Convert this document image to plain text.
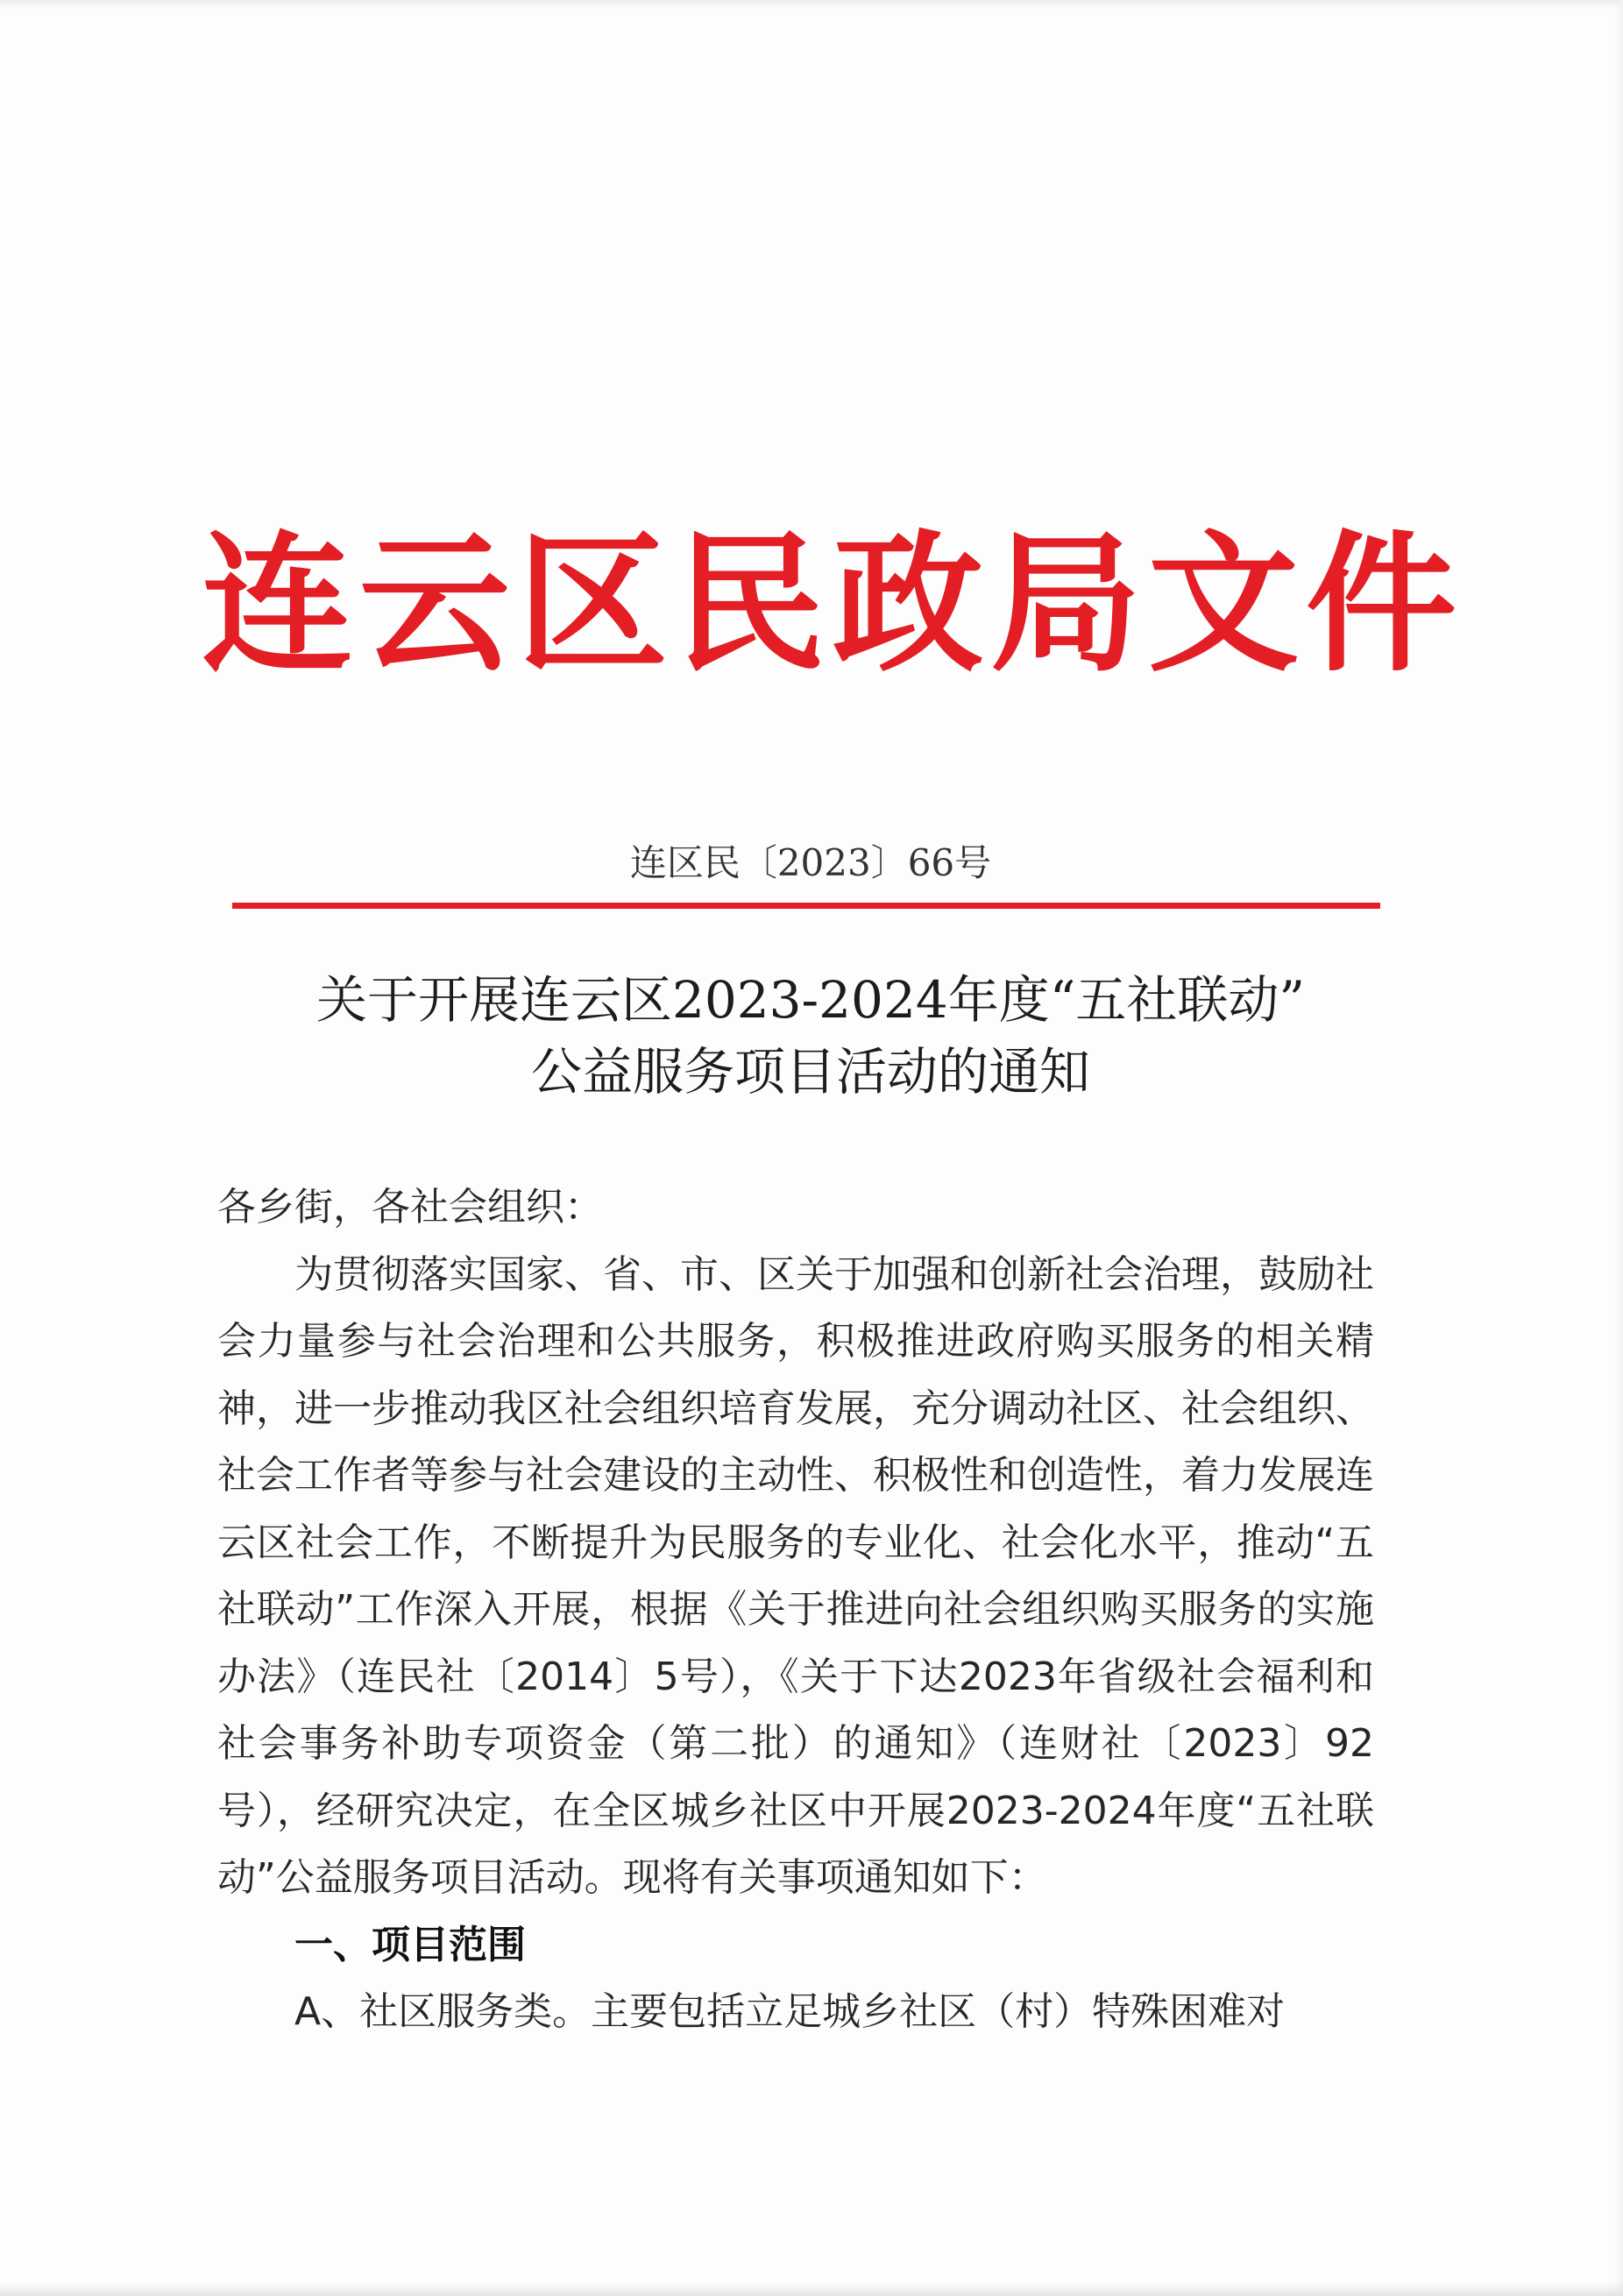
连云区民政局文件
连区民〔2023〕66号
关于开展连云区2023-2024年度“五社联动”
公益服务项目活动的通知
各乡街，各社会组织：
为贯彻落实国家、省、市、区关于加强和创新社会治理，鼓励社会力量参与社会治理和公共服务，积极推进政府购买服务的相关精神，进一步推动我区社会组织培育发展，充分调动社区、社会组织、社会工作者等参与社会建设的主动性、积极性和创造性，着力发展连云区社会工作，不断提升为民服务的专业化、社会化水平，推动“五社联动”工作深入开展，根据《关于推进向社会组织购买服务的实施办法》（连民社〔2014〕5号），《关于下达2023年省级社会福利和社会事务补助专项资金（第二批）的通知》（连财社〔2023〕92号），经研究决定，在全区城乡社区中开展2023-2024年度“五社联动”公益服务项目活动。现将有关事项通知如下：
一、项目范围
A、社区服务类。主要包括立足城乡社区（村）特殊困难对
